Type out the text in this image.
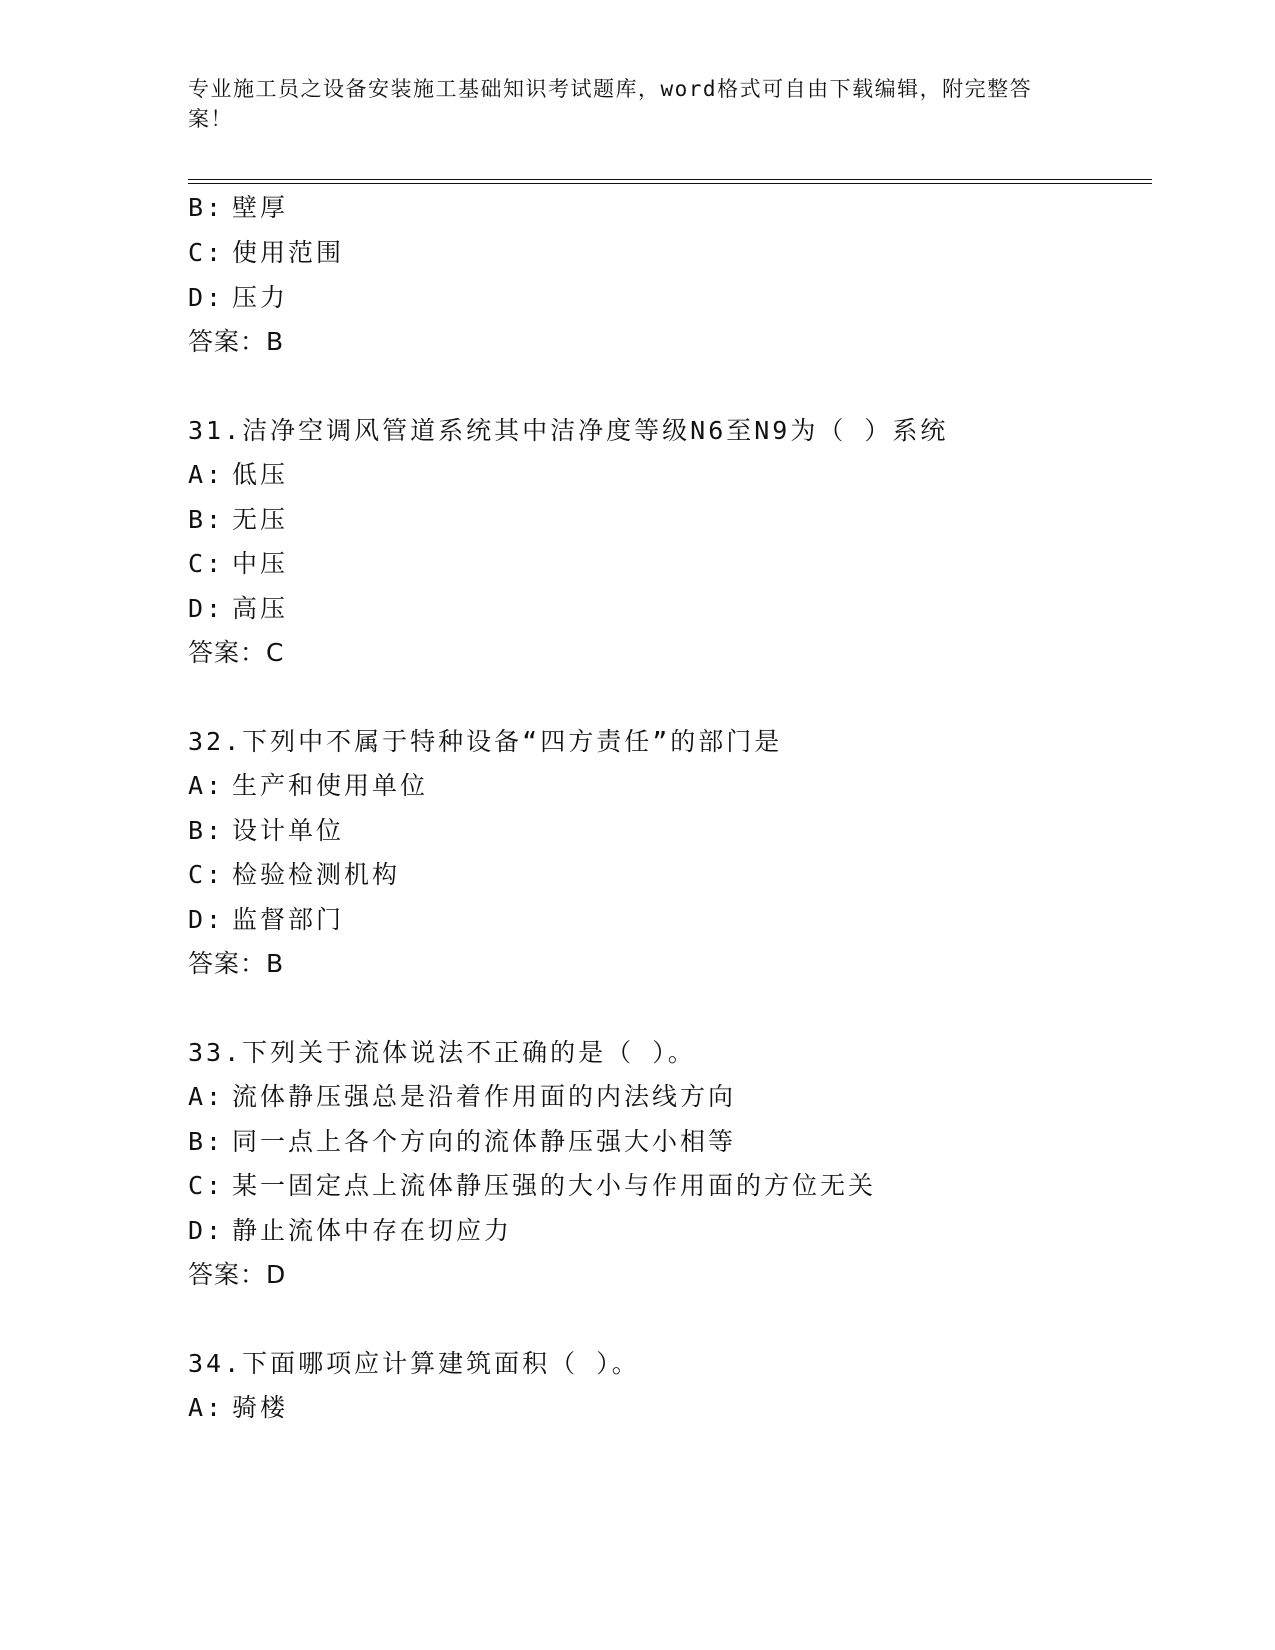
专业施工员之设备安装施工基础知识考试题库，word格式可自由下载编辑，附完整答案！
B: 壁厚
C: 使用范围
D: 压力
答案：B
31.洁净空调风管道系统其中洁净度等级N6至N9为（ ）系统
A: 低压
B: 无压
C: 中压
D: 高压
答案：C
32.下列中不属于特种设备“四方责任”的部门是
A: 生产和使用单位
B: 设计单位
C: 检验检测机构
D: 监督部门
答案：B
33.下列关于流体说法不正确的是（ ）。
A: 流体静压强总是沿着作用面的内法线方向
B: 同一点上各个方向的流体静压强大小相等
C: 某一固定点上流体静压强的大小与作用面的方位无关
D: 静止流体中存在切应力
答案：D
34.下面哪项应计算建筑面积（ ）。
A: 骑楼
